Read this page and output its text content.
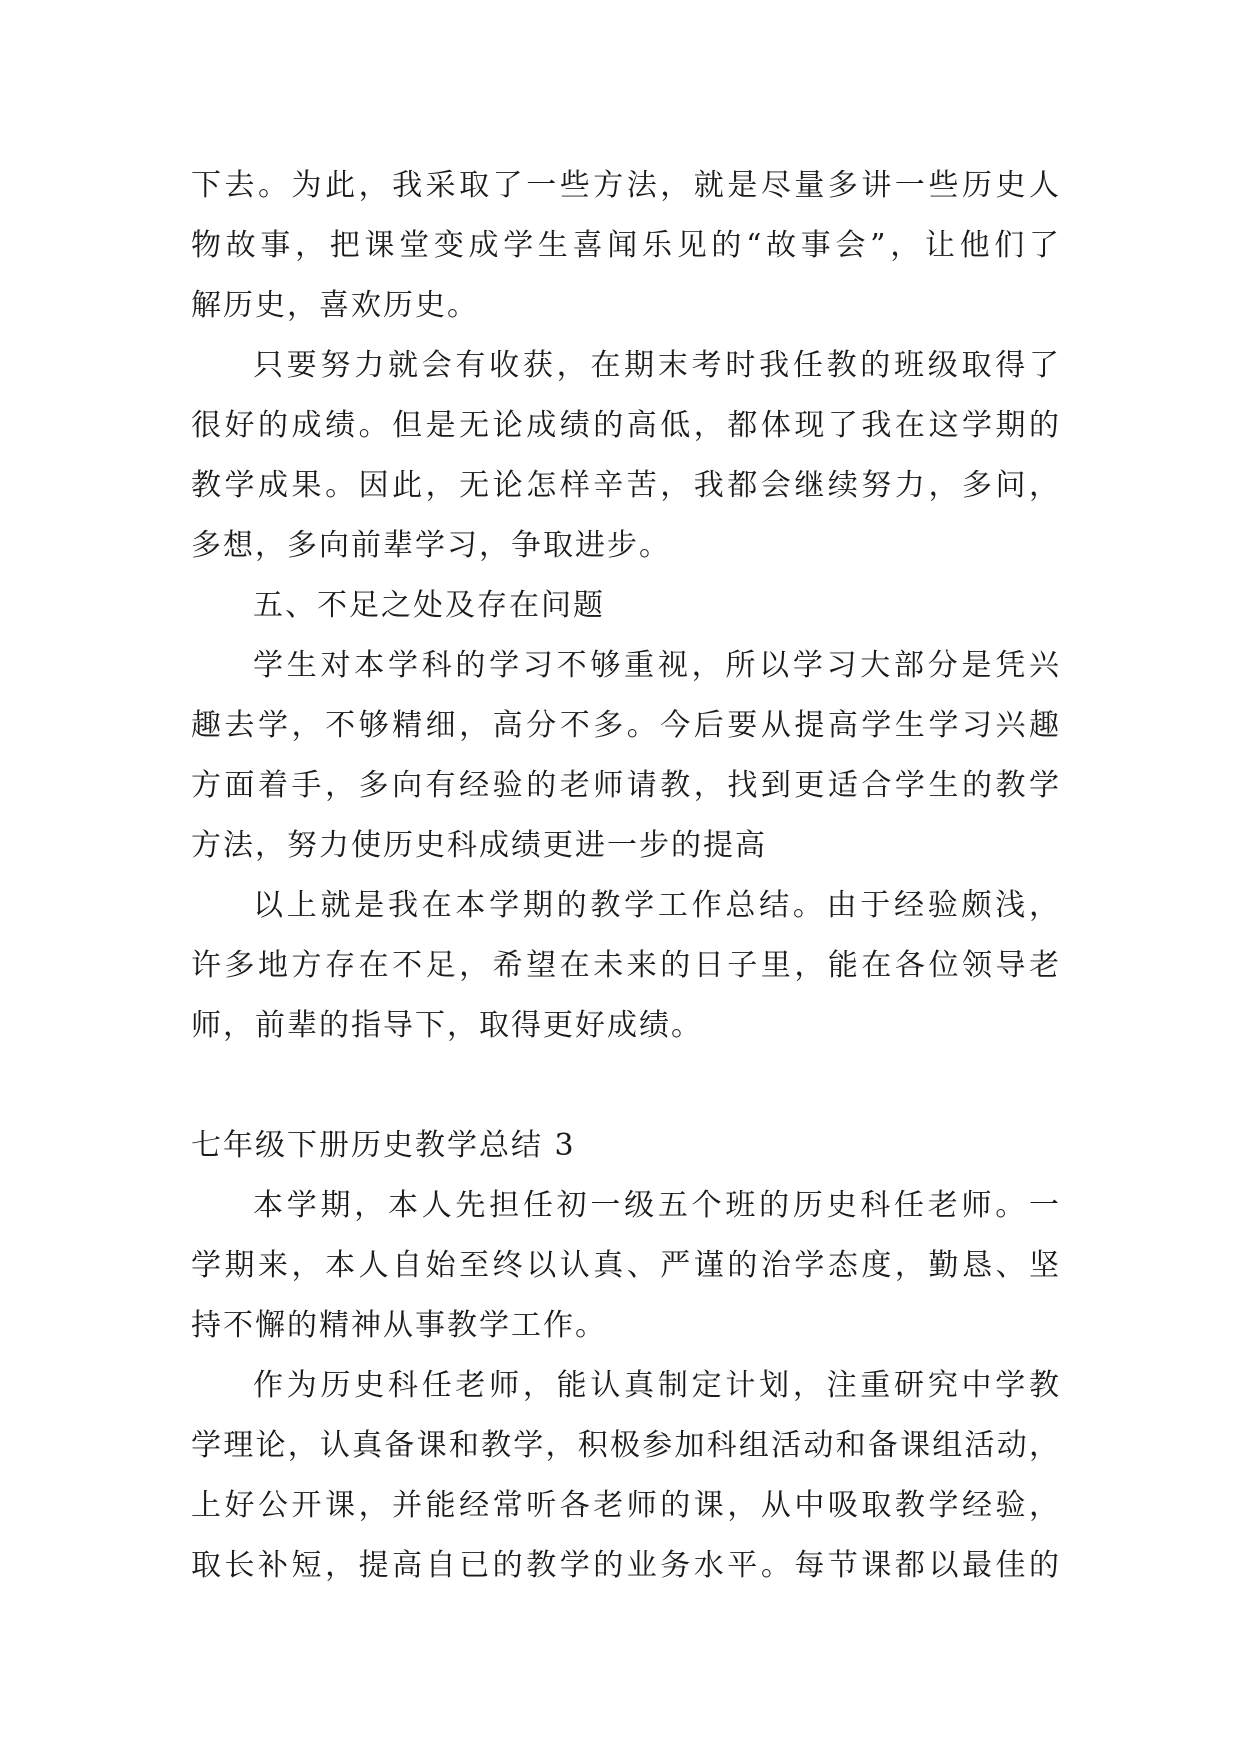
下去。为此，我采取了一些方法，就是尽量多讲一些历史人
物故事，把课堂变成学生喜闻乐见的“故事会”，让他们了
解历史，喜欢历史。
只要努力就会有收获，在期末考时我任教的班级取得了
很好的成绩。但是无论成绩的高低，都体现了我在这学期的
教学成果。因此，无论怎样辛苦，我都会继续努力，多问，
多想，多向前辈学习，争取进步。
五、不足之处及存在问题
学生对本学科的学习不够重视，所以学习大部分是凭兴
趣去学，不够精细，高分不多。今后要从提高学生学习兴趣
方面着手，多向有经验的老师请教，找到更适合学生的教学
方法，努力使历史科成绩更进一步的提高
以上就是我在本学期的教学工作总结。由于经验颇浅，
许多地方存在不足，希望在未来的日子里，能在各位领导老
师，前辈的指导下，取得更好成绩。
七年级下册历史教学总结 3
本学期，本人先担任初一级五个班的历史科任老师。一
学期来，本人自始至终以认真、严谨的治学态度，勤恳、坚
持不懈的精神从事教学工作。
作为历史科任老师，能认真制定计划，注重研究中学教
学理论，认真备课和教学，积极参加科组活动和备课组活动，
上好公开课，并能经常听各老师的课，从中吸取教学经验，
取长补短，提高自已的教学的业务水平。每节课都以最佳的
